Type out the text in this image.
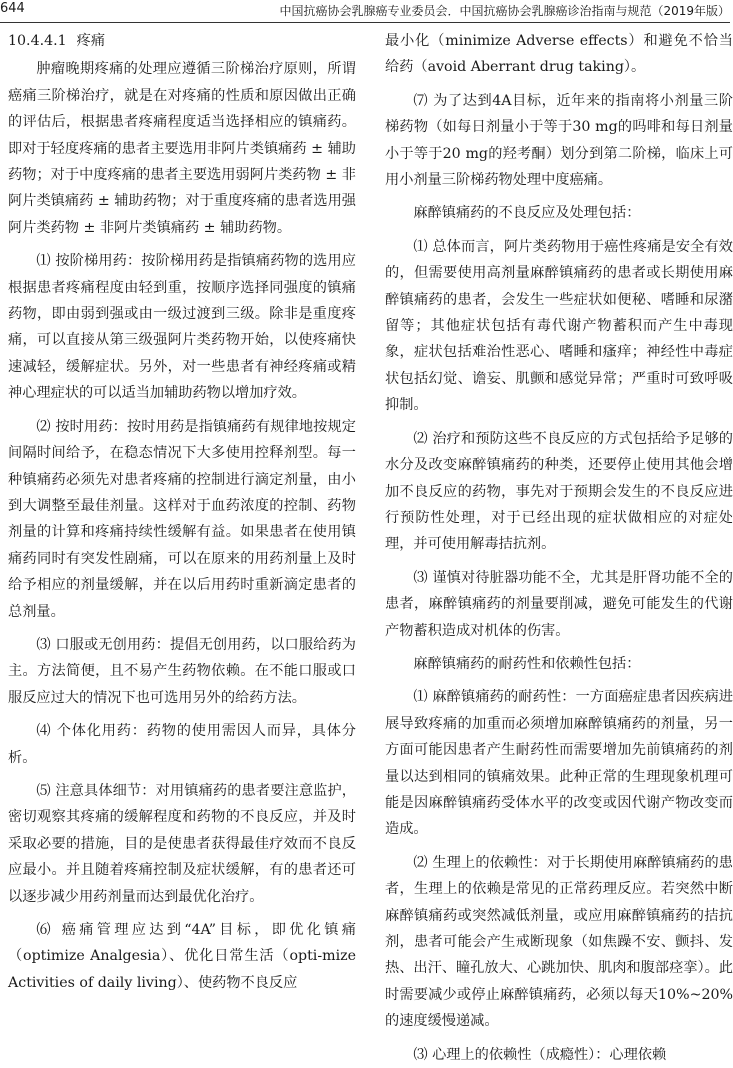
644	中国抗癌协会乳腺癌专业委员会．中国抗癌协会乳腺癌诊治指南与规范（2019年版）
10.4.4.1 疼痛

肿瘤晚期疼痛的处理应遵循三阶梯治疗原则，所谓癌痛三阶梯治疗，就是在对疼痛的性质和原因做出正确的评估后，根据患者疼痛程度适当选择相应的镇痛药。即对于轻度疼痛的患者主要选用非阿片类镇痛药 ± 辅助药物；对于中度疼痛的患者主要选用弱阿片类药物 ± 非阿片类镇痛药 ± 辅助药物；对于重度疼痛的患者选用强阿片类药物 ± 非阿片类镇痛药 ± 辅助药物。

⑴ 按阶梯用药：按阶梯用药是指镇痛药物的选用应根据患者疼痛程度由轻到重，按顺序选择同强度的镇痛药物，即由弱到强或由一级过渡到三级。除非是重度疼痛，可以直接从第三级强阿片类药物开始，以使疼痛快速减轻，缓解症状。另外，对一些患者有神经疼痛或精神心理症状的可以适当加辅助药物以增加疗效。

⑵ 按时用药：按时用药是指镇痛药有规律地按规定间隔时间给予，在稳态情况下大多使用控释剂型。每一种镇痛药必须先对患者疼痛的控制进行滴定剂量，由小到大调整至最佳剂量。这样对于血药浓度的控制、药物剂量的计算和疼痛持续性缓解有益。如果患者在使用镇痛药同时有突发性剧痛，可以在原来的用药剂量上及时给予相应的剂量缓解，并在以后用药时重新滴定患者的总剂量。

⑶ 口服或无创用药：提倡无创用药，以口服给药为主。方法简便，且不易产生药物依赖。在不能口服或口服反应过大的情况下也可选用另外的给药方法。

⑷ 个体化用药：药物的使用需因人而异，具体分析。

⑸ 注意具体细节：对用镇痛药的患者要注意监护，密切观察其疼痛的缓解程度和药物的不良反应，并及时采取必要的措施，目的是使患者获得最佳疗效而不良反应最小。并且随着疼痛控制及症状缓解，有的患者还可以逐步减少用药剂量而达到最优化治疗。

⑹ 癌痛管理应达到“4A”目标，即优化镇痛（optimize Analgesia）、优化日常生活（opti-mize Activities of daily living）、使药物不良反应

最小化（minimize Adverse effects）和避免不恰当给药（avoid Aberrant drug taking）。

⑺ 为了达到4A目标，近年来的指南将小剂量三阶梯药物（如每日剂量小于等于30 mg的吗啡和每日剂量小于等于20 mg的羟考酮）划分到第二阶梯，临床上可用小剂量三阶梯药物处理中度癌痛。

麻醉镇痛药的不良反应及处理包括：

⑴ 总体而言，阿片类药物用于癌性疼痛是安全有效的，但需要使用高剂量麻醉镇痛药的患者或长期使用麻醉镇痛药的患者，会发生一些症状如便秘、嗜睡和尿潴留等；其他症状包括有毒代谢产物蓄积而产生中毒现象，症状包括难治性恶心、嗜睡和瘙痒；神经性中毒症状包括幻觉、谵妄、肌颤和感觉异常；严重时可致呼吸抑制。

⑵ 治疗和预防这些不良反应的方式包括给予足够的水分及改变麻醉镇痛药的种类，还要停止使用其他会增加不良反应的药物，事先对于预期会发生的不良反应进行预防性处理，对于已经出现的症状做相应的对症处理，并可使用解毒拮抗剂。

⑶ 谨慎对待脏器功能不全，尤其是肝肾功能不全的患者，麻醉镇痛药的剂量要削减，避免可能发生的代谢产物蓄积造成对机体的伤害。

麻醉镇痛药的耐药性和依赖性包括：

⑴ 麻醉镇痛药的耐药性：一方面癌症患者因疾病进展导致疼痛的加重而必须增加麻醉镇痛药的剂量，另一方面可能因患者产生耐药性而需要增加先前镇痛药的剂量以达到相同的镇痛效果。此种正常的生理现象机理可能是因麻醉镇痛药受体水平的改变或因代谢产物改变而造成。

⑵ 生理上的依赖性：对于长期使用麻醉镇痛药的患者，生理上的依赖是常见的正常药理反应。若突然中断麻醉镇痛药或突然减低剂量，或应用麻醉镇痛药的拮抗剂，患者可能会产生戒断现象（如焦躁不安、颤抖、发热、出汗、瞳孔放大、心跳加快、肌肉和腹部痉挛）。此时需要减少或停止麻醉镇痛药，必须以每天10%~20%的速度缓慢递减。

⑶ 心理上的依赖性（成瘾性）：心理依赖
